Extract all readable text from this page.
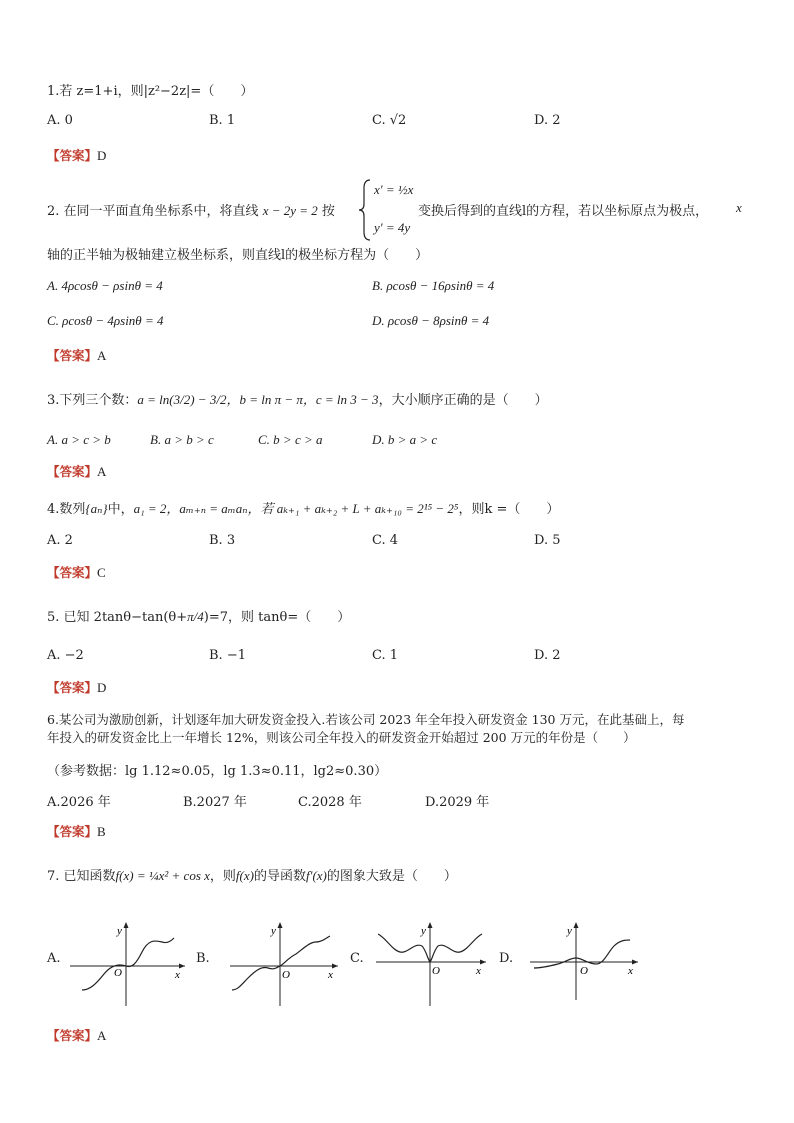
1.若 z=1+i，则|z²−2z|=（　　）
A. 0	B. 1	C. √2	D. 2
【答案】D
2. 在同一平面直角坐标系中，将直线 x − 2y = 2 按
x′ = ½x
y′ = 4y
变换后得到的直线l的方程，若以坐标原点为极点， x
轴的正半轴为极轴建立极坐标系，则直线l的极坐标方程为（　　）
A. 4ρcosθ − ρsinθ = 4	B. ρcosθ − 16ρsinθ = 4
C. ρcosθ − 4ρsinθ = 4	D. ρcosθ − 8ρsinθ = 4
【答案】A
3.下列三个数：a = ln(3/2) − 3/2，b = ln π − π，c = ln 3 − 3，大小顺序正确的是（　　）
A. a > c > b	B. a > b > c	C. b > c > a	D. b > a > c
【答案】A
4.数列{aₙ}中，a₁ = 2，aₘ₊ₙ = aₘaₙ，若 aₖ₊₁ + aₖ₊₂ + L + aₖ₊₁₀ = 2¹⁵ − 2⁵，则k =（　　）
A. 2	B. 3	C. 4	D. 5
【答案】C
5. 已知 2tanθ−tan(θ+π/4)=7，则 tanθ=（　　）
A. −2	B. −1	C. 1	D. 2
【答案】D
6.某公司为激励创新，计划逐年加大研发资金投入.若该公司 2023 年全年投入研发资金 130 万元，在此基础上，每
年投入的研发资金比上一年增长 12%，则该公司全年投入的研发资金开始超过 200 万元的年份是（　　）
（参考数据：lg 1.12≈0.05，lg 1.3≈0.11，lg2≈0.30）
A.2026 年	B.2027 年	C.2028 年	D.2029 年
【答案】B
7. 已知函数f(x) = ¼x² + cos x，则f(x)的导函数f′(x)的图象大致是（　　）
A.	B.	C.	D.
y
x
O
y
x
O
y
x
O
y
x
O
【答案】A
